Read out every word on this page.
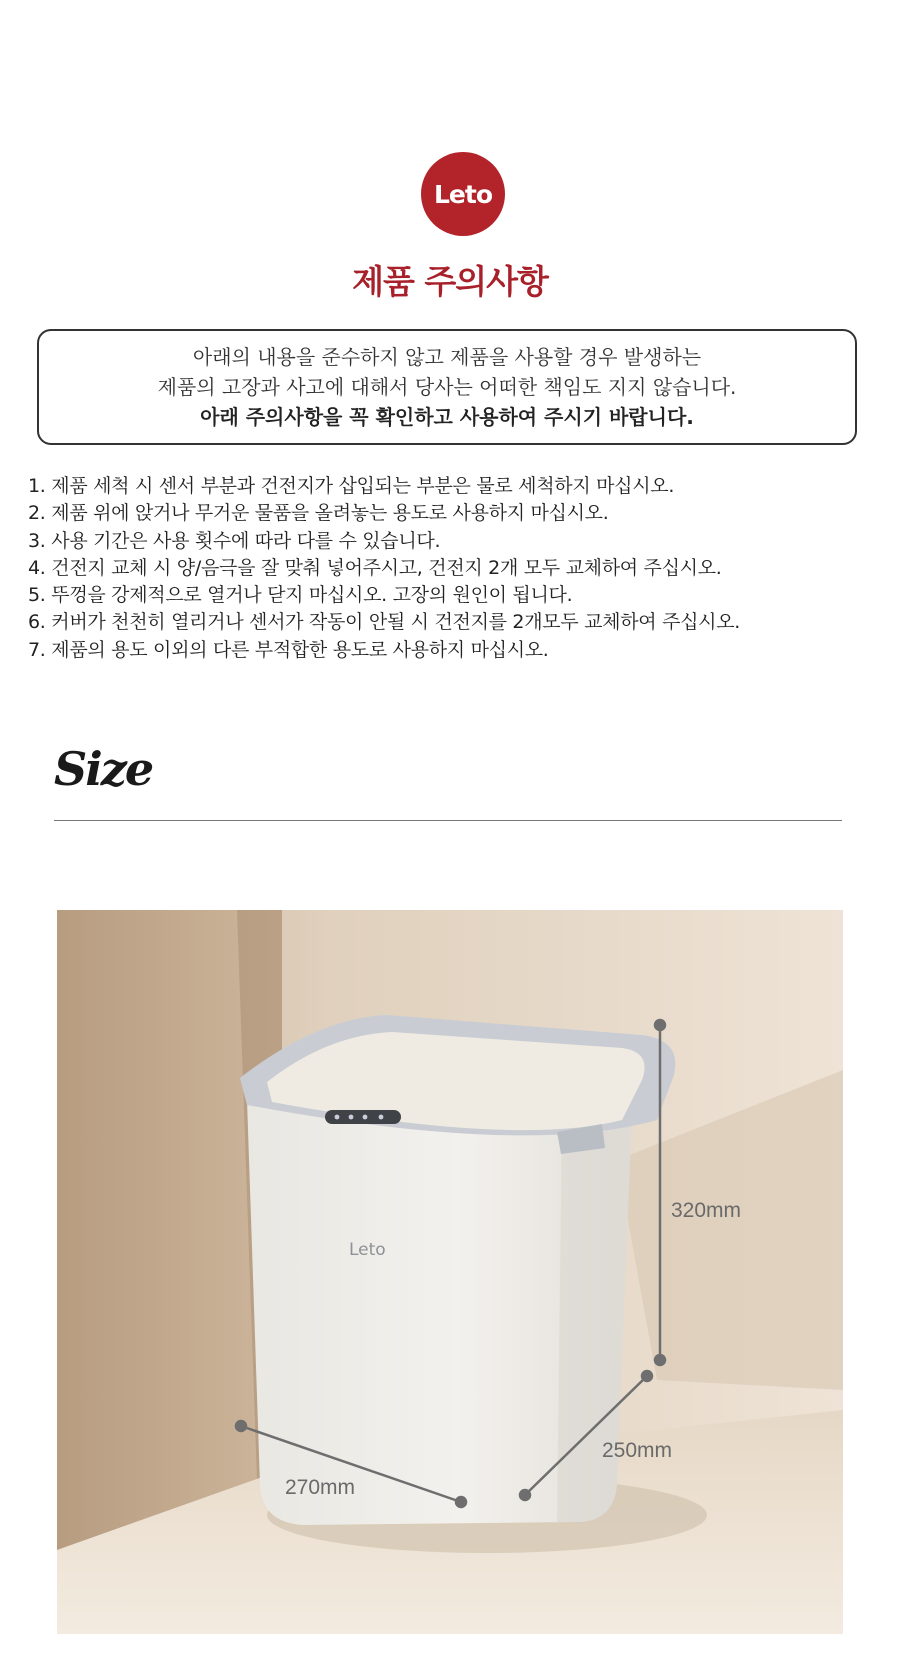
Leto
제품 주의사항
아래의 내용을 준수하지 않고 제품을 사용할 경우 발생하는
제품의 고장과 사고에 대해서 당사는 어떠한 책임도 지지 않습니다.
아래 주의사항을 꼭 확인하고 사용하여 주시기 바랍니다.
1. 제품 세척 시 센서 부분과 건전지가 삽입되는 부분은 물로 세척하지 마십시오.
2. 제품 위에 앉거나 무거운 물품을 올려놓는 용도로 사용하지 마십시오.
3. 사용 기간은 사용 횟수에 따라 다를 수 있습니다.
4. 건전지 교체 시 양/음극을 잘 맞춰 넣어주시고, 건전지 2개 모두 교체하여 주십시오.
5. 뚜껑을 강제적으로 열거나 닫지 마십시오. 고장의 원인이 됩니다.
6. 커버가 천천히 열리거나 센서가 작동이 안될 시 건전지를 2개모두 교체하여 주십시오.
7. 제품의 용도 이외의 다른 부적합한 용도로 사용하지 마십시오.
Size
Leto
320mm
250mm
270mm
